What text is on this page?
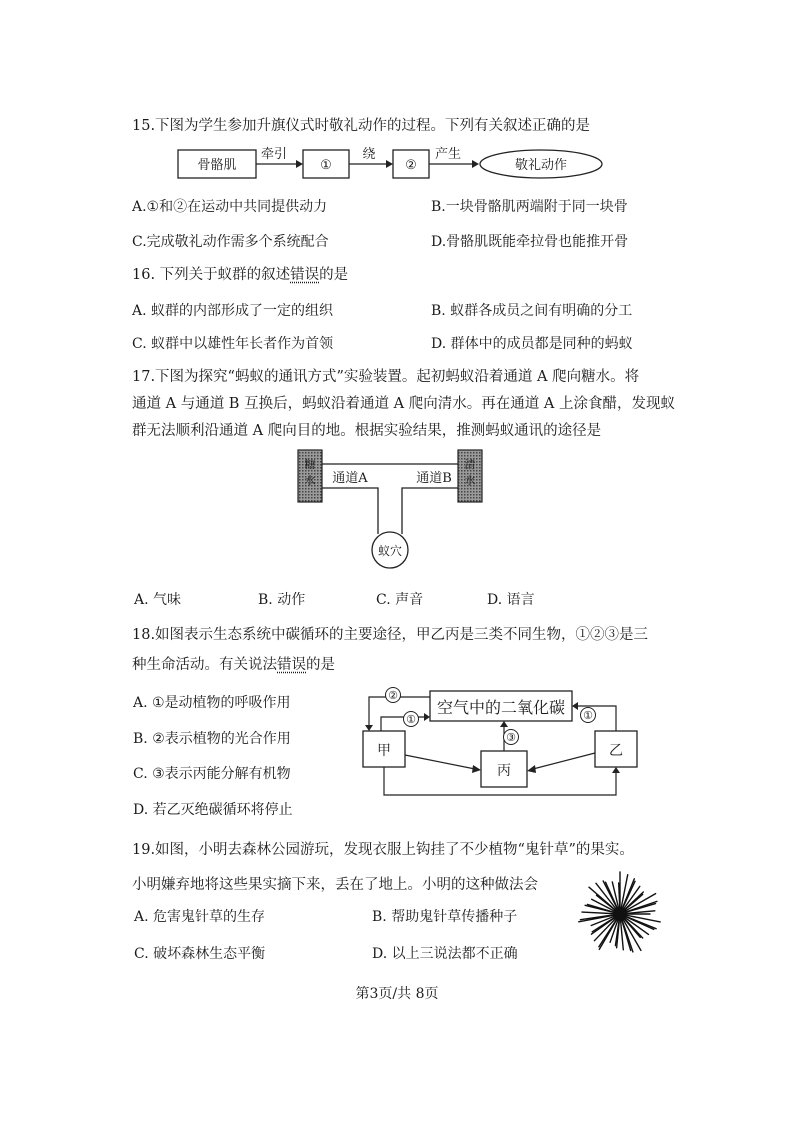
15.下图为学生参加升旗仪式时敬礼动作的过程。下列有关叙述正确的是
骨骼肌
牵引
①
绕
②
产生
敬礼动作
A.①和②在运动中共同提供动力	B.一块骨骼肌两端附于同一块骨
C.完成敬礼动作需多个系统配合	D.骨骼肌既能牵拉骨也能推开骨
16. 下列关于蚁群的叙述错误的是
A. 蚁群的内部形成了一定的组织	B. 蚁群各成员之间有明确的分工
C. 蚁群中以雄性年长者作为首领	D. 群体中的成员都是同种的蚂蚁
17.下图为探究“蚂蚁的通讯方式”实验装置。起初蚂蚁沿着通道 A 爬向糖水。将
通道 A 与通道 B 互换后，蚂蚁沿着通道 A 爬向清水。再在通道 A 上涂食醋，发现蚁
群无法顺利沿通道 A 爬向目的地。根据实验结果，推测蚂蚁通讯的途径是
糖水
清水
通道A	通道B
蚁穴
A. 气味	B. 动作	C. 声音	D. 语言
18.如图表示生态系统中碳循环的主要途径，甲乙丙是三类不同生物，①②③是三
种生命活动。有关说法错误的是
A. ①是动植物的呼吸作用
B. ②表示植物的光合作用
C. ③表示丙能分解有机物
D. 若乙灭绝碳循环将停止
空气中的二氧化碳
甲
丙
乙
②
①	①
③
19.如图，小明去森林公园游玩，发现衣服上钩挂了不少植物“鬼针草”的果实。
小明嫌弃地将这些果实摘下来，丢在了地上。小明的这种做法会
A. 危害鬼针草的生存	B. 帮助鬼针草传播种子
C. 破坏森林生态平衡	D. 以上三说法都不正确
第3页/共 8页
